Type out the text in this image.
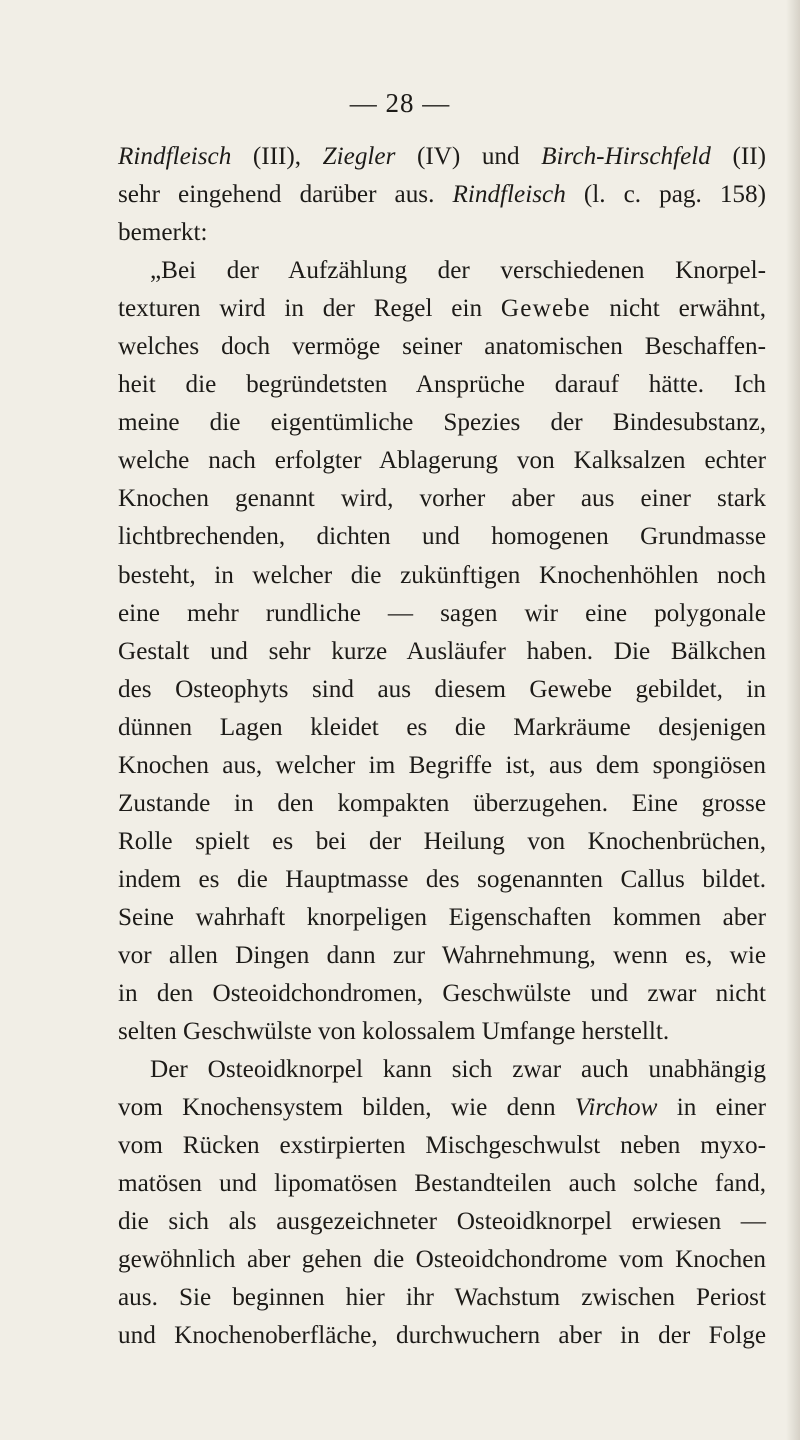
— 28 —
Rindfleisch (III), Ziegler (IV) und Birch-Hirschfeld (II)
sehr eingehend darüber aus. Rindfleisch (l. c. pag. 158)
bemerkt:
„Bei der Aufzählung der verschiedenen Knorpel-
texturen wird in der Regel ein Gewebe nicht erwähnt,
welches doch vermöge seiner anatomischen Beschaffen-
heit die begründetsten Ansprüche darauf hätte. Ich
meine die eigentümliche Spezies der Bindesubstanz,
welche nach erfolgter Ablagerung von Kalksalzen echter
Knochen genannt wird, vorher aber aus einer stark
lichtbrechenden, dichten und homogenen Grundmasse
besteht, in welcher die zukünftigen Knochenhöhlen noch
eine mehr rundliche — sagen wir eine polygonale
Gestalt und sehr kurze Ausläufer haben. Die Bälkchen
des Osteophyts sind aus diesem Gewebe gebildet, in
dünnen Lagen kleidet es die Markräume desjenigen
Knochen aus, welcher im Begriffe ist, aus dem spongiösen
Zustande in den kompakten überzugehen. Eine grosse
Rolle spielt es bei der Heilung von Knochenbrüchen,
indem es die Hauptmasse des sogenannten Callus bildet.
Seine wahrhaft knorpeligen Eigenschaften kommen aber
vor allen Dingen dann zur Wahrnehmung, wenn es, wie
in den Osteoidchondromen, Geschwülste und zwar nicht
selten Geschwülste von kolossalem Umfange herstellt.
Der Osteoidknorpel kann sich zwar auch unabhängig
vom Knochensystem bilden, wie denn Virchow in einer
vom Rücken exstirpierten Mischgeschwulst neben myxo-
matösen und lipomatösen Bestandteilen auch solche fand,
die sich als ausgezeichneter Osteoidknorpel erwiesen —
gewöhnlich aber gehen die Osteoidchondrome vom Knochen
aus. Sie beginnen hier ihr Wachstum zwischen Periost
und Knochenoberfläche, durchwuchern aber in der Folge
